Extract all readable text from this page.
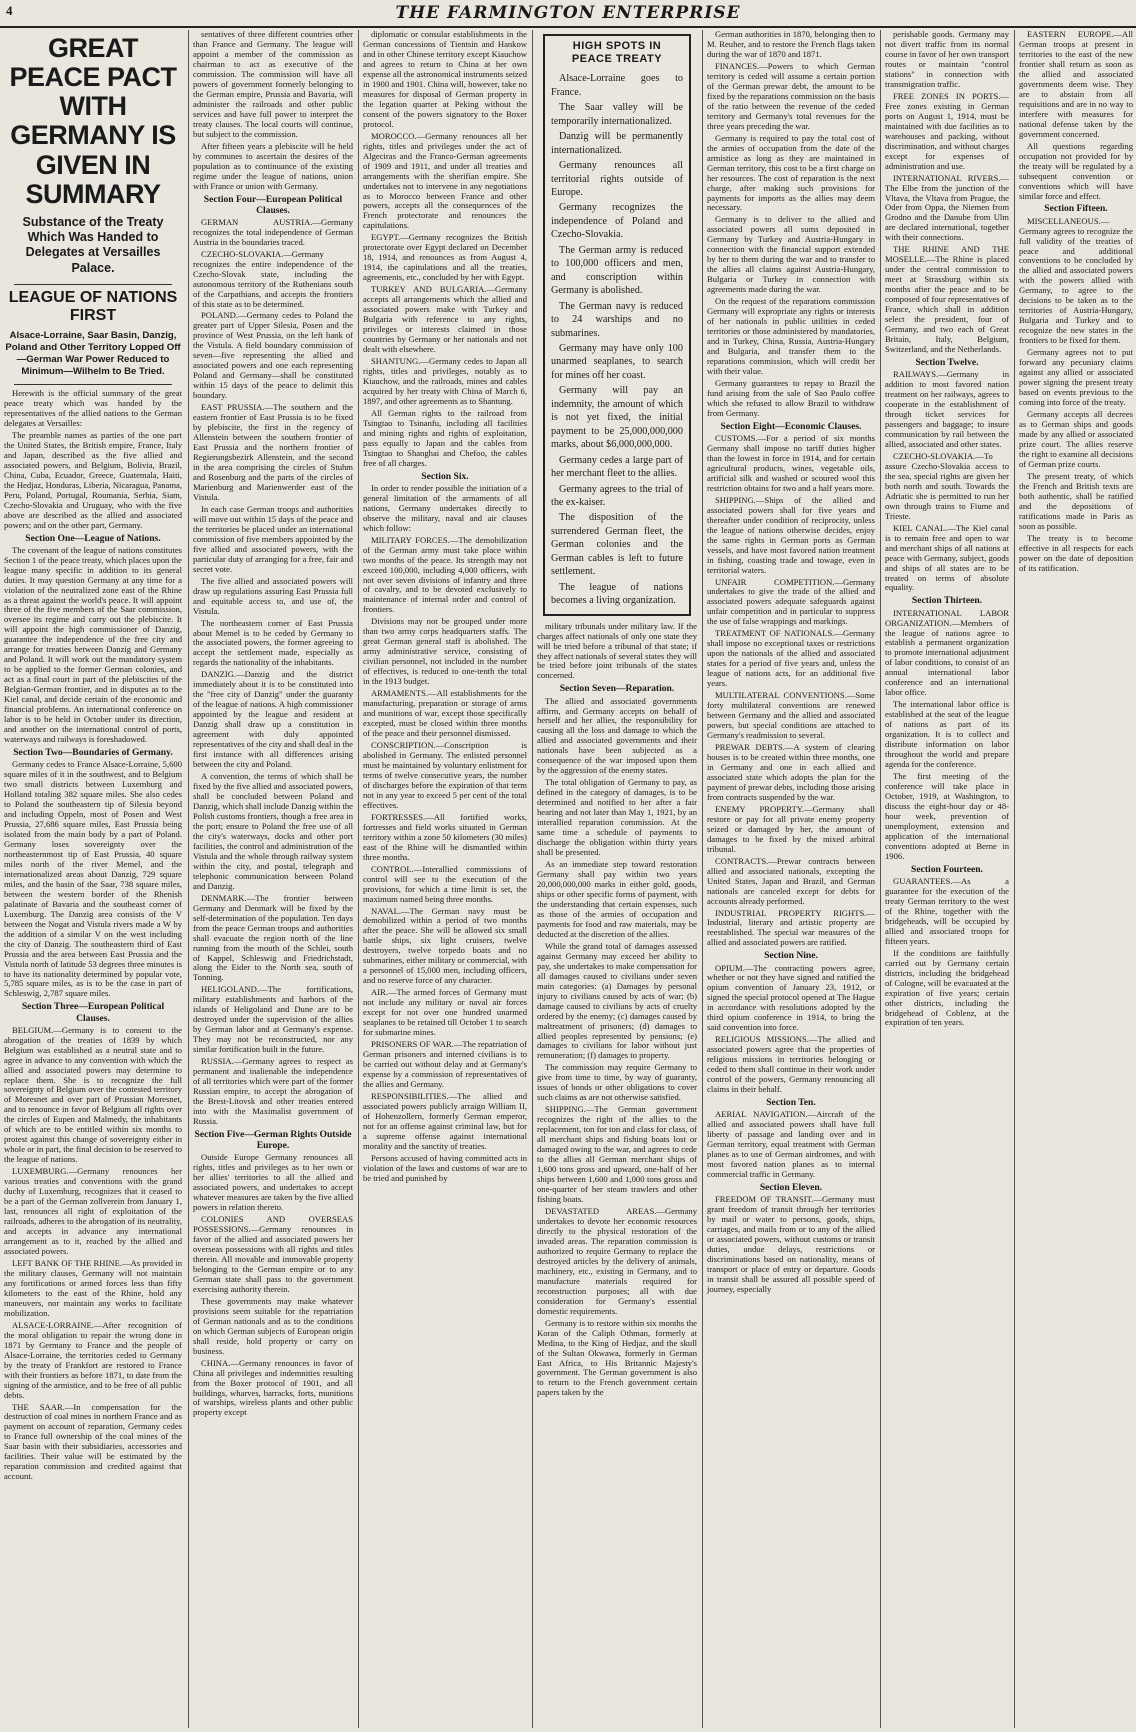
4	THE FARMINGTON ENTERPRISE
GREAT PEACE PACT WITH GERMANY IS GIVEN IN SUMMARY
Substance of the Treaty Which Was Handed to Delegates at Versailles Palace.
LEAGUE OF NATIONS FIRST
Alsace-Lorraine, Saar Basin, Danzig, Poland and Other Territory Lopped Off—German War Power Reduced to Minimum—Wilhelm to Be Tried.

Herewith is the official summary of the great peace treaty which was handed by the representatives of the allied nations to the German delegates at Versailles:

The preamble names as parties of the one part the United States, the British empire, France, Italy and Japan, described as the five allied and associated powers, and Belgium, Bolivia, Brazil, China, Cuba, Ecuador, Greece, Guatemala, Haiti, the Hedjaz, Honduras, Liberia, Nicaragua, Panama, Peru, Poland, Portugal, Roumania, Serbia, Siam, Czecho-Slovakia and Uruguay, who with the five above are described as the allied and associated powers; and on the other part, Germany.

Section One—League of Nations.

The covenant of the league of nations constitutes Section 1 of the peace treaty, which places upon the league many specific in addition to its general duties. It may question Germany at any time for a violation of the neutralized zone east of the Rhine as a threat against the world's peace. It will appoint three of the five members of the Saar commission, oversee its regime and carry out the plebiscite. It will appoint the high commissioner of Danzig, guarantee the independence of the free city and arrange for treaties between Danzig and Germany and Poland. It will work out the mandatory system to be applied to the former German colonies, and act as a final court in part of the plebiscites of the Belgian-German frontier, and in disputes as to the Kiel canal, and decide certain of the economic and financial problems. An international conference on labor is to be held in October under its direction, and another on the international control of ports, waterways and railways is foreshadowed.

Section Two—Boundaries of Germany.

Germany cedes to France Alsace-Lorraine, 5,600 square miles of it in the southwest, and to Belgium two small districts between Luxemburg and Holland totaling 382 square miles. She also cedes to Poland the southeastern tip of Silesia beyond and including Oppeln, most of Posen and West Prussia, 27,686 square miles, East Prussia being isolated from the main body by a part of Poland. Germany loses sovereignty over the northeasternmost tip of East Prussia, 40 square miles north of the river Memel, and the internationalized areas about Danzig, 729 square miles, and the basin of the Saar, 738 square miles, between the western border of the Rhenish palatinate of Bavaria and the southeast corner of Luxemburg. The Danzig area consists of the V between the Nogat and Vistula rivers made a W by the addition of a similar V on the west including the city of Danzig. The southeastern third of East Prussia and the area between East Prussia and the Vistula north of latitude 53 degrees three minutes is to have its nationality determined by popular vote, 5,785 square miles, as is to be the case in part of Schleswig, 2,787 square miles.

Section Three—European Political Clauses.

BELGIUM.—Germany is to consent to the abrogation of the treaties of 1839 by which Belgium was established as a neutral state and to agree in advance to any convention with which the allied and associated powers may determine to replace them. She is to recognize the full sovereignty of Belgium over the contested territory of Moresnet and over part of Prussian Moresnet, and to renounce in favor of Belgium all rights over the circles of Eupen and Malmedy, the inhabitants of which are to be entitled within six months to protest against this change of sovereignty either in whole or in part, the final decision to be reserved to the league of nations.

LUXEMBURG.—Germany renounces her various treaties and conventions with the grand duchy of Luxemburg, recognizes that it ceased to be a part of the German zollverein from January 1, last, renounces all right of exploitation of the railroads, adheres to the abrogation of its neutrality, and accepts in advance any international arrangement as to it, reached by the allied and associated powers.

LEFT BANK OF THE RHINE.—As provided in the military clauses, Germany will not maintain any fortifications or armed forces less than fifty kilometers to the east of the Rhine, hold any maneuvers, nor maintain any works to facilitate mobilization.

ALSACE-LORRAINE.—After recognition of the moral obligation to repair the wrong done in 1871 by Germany to France and the people of Alsace-Lorraine, the territories ceded to Germany by the treaty of Frankfort are restored to France with their frontiers as before 1871, to date from the signing of the armistice, and to be free of all public debts.

THE SAAR.—In compensation for the destruction of coal mines in northern France and as payment on account of reparation, Germany cedes to France full ownership of the coal mines of the Saar basin with their subsidiaries, accessories and facilities. Their value will be estimated by the reparation commission and credited against that account.

sentatives of three different countries other than France and Germany. The league will appoint a member of the commission as chairman to act as executive of the commission. The commission will have all powers of government formerly belonging to the German empire, Prussia and Bavaria, will administer the railroads and other public services and have full power to interpret the treaty clauses. The local courts will continue, but subject to the commission.

After fifteen years a plebiscite will be held by communes to ascertain the desires of the population as to continuance of the existing regime under the league of nations, union with France or union with Germany.

Section Four—European Political Clauses.

GERMAN AUSTRIA.—Germany recognizes the total independence of German Austria in the boundaries traced.

CZECHO-SLOVAKIA.—Germany recognizes the entire independence of the Czecho-Slovak state, including the autonomous territory of the Ruthenians south of the Carpathians, and accepts the frontiers of this state as to be determined.

POLAND.—Germany cedes to Poland the greater part of Upper Silesia, Posen and the province of West Prussia, on the left bank of the Vistula. A field boundary commission of seven—five representing the allied and associated powers and one each representing Poland and Germany—shall be constituted within 15 days of the peace to delimit this boundary.

EAST PRUSSIA.—The southern and the eastern frontier of East Prussia is to be fixed by plebiscite, the first in the regency of Allenstein between the southern frontier of East Prussia and the northern frontier of Regierungsbezirk Allenstein, and the second in the area comprising the circles of Stuhm and Rosenburg and the parts of the circles of Marienburg and Marienwerder east of the Vistula.

In each case German troops and authorities will move out within 15 days of the peace and the territories be placed under an international commission of five members appointed by the five allied and associated powers, with the particular duty of arranging for a free, fair and secret vote.

The five allied and associated powers will draw up regulations assuring East Prussia full and equitable access to, and use of, the Vistula.

The northeastern corner of East Prussia about Memel is to be ceded by Germany to the associated powers, the former agreeing to accept the settlement made, especially as regards the nationality of the inhabitants.

DANZIG.—Danzig and the district immediately about it is to be constituted into the "free city of Danzig" under the guaranty of the league of nations. A high commissioner appointed by the league and resident at Danzig shall draw up a constitution in agreement with duly appointed representatives of the city and shall deal in the first instance with all differences arising between the city and Poland.

A convention, the terms of which shall be fixed by the five allied and associated powers, shall be concluded between Poland and Danzig, which shall include Danzig within the Polish customs frontiers, though a free area in the port; ensure to Poland the free use of all the city's waterways, docks and other port facilities, the control and administration of the Vistula and the whole through railway system within the city, and postal, telegraph and telephonic communication between Poland and Danzig.

DENMARK.—The frontier between Germany and Denmark will be fixed by the self-determination of the population. Ten days from the peace German troops and authorities shall evacuate the region north of the line running from the mouth of the Schlei, south of Kappel, Schleswig and Friedrichstadt, along the Eider to the North sea, south of Tonning.

HELIGOLAND.—The fortifications, military establishments and harbors of the islands of Heligoland and Dune are to be destroyed under the supervision of the allies by German labor and at Germany's expense. They may not be reconstructed, nor any similar fortification built in the future.

RUSSIA.—Germany agrees to respect as permanent and inalienable the independence of all territories which were part of the former Russian empire, to accept the abrogation of the Brest-Litovsk and other treaties entered into with the Maximalist government of Russia.

Section Five—German Rights Outside Europe.

Outside Europe Germany renounces all rights, titles and privileges as to her own or her allies' territories to all the allied and associated powers, and undertakes to accept whatever measures are taken by the five allied powers in relation thereto.

COLONIES AND OVERSEAS POSSESSIONS.—Germany renounces in favor of the allied and associated powers her overseas possessions with all rights and titles therein. All movable and immovable property belonging to the German empire or to any German state shall pass to the government exercising authority therein.

These governments may make whatever provisions seem suitable for the repatriation of German nationals and as to the conditions on which German subjects of European origin shall reside, hold property or carry on business.

CHINA.—Germany renounces in favor of China all privileges and indemnities resulting from the Boxer protocol of 1901, and all buildings, wharves, barracks, forts, munitions of warships, wireless plants and other public property except

diplomatic or consular establishments in the German concessions of Tientsin and Hankow and in other Chinese territory except Kiauchow and agrees to return to China at her own expense all the astronomical instruments seized in 1900 and 1901. China will, however, take no measures for disposal of German property in the legation quarter at Peking without the consent of the powers signatory to the Boxer protocol.

MOROCCO.—Germany renounces all her rights, titles and privileges under the act of Algeciras and the Franco-German agreements of 1909 and 1911, and under all treaties and arrangements with the sherifian empire. She undertakes not to intervene in any negotiations as to Morocco between France and other powers, accepts all the consequences of the French protectorate and renounces the capitulations.

EGYPT.—Germany recognizes the British protectorate over Egypt declared on December 18, 1914, and renounces as from August 4, 1914, the capitulations and all the treaties, agreements, etc., concluded by her with Egypt.

TURKEY AND BULGARIA.—Germany accepts all arrangements which the allied and associated powers make with Turkey and Bulgaria with reference to any rights, privileges or interests claimed in those countries by Germany or her nationals and not dealt with elsewhere.

SHANTUNG.—Germany cedes to Japan all rights, titles and privileges, notably as to Kiauchow, and the railroads, mines and cables acquired by her treaty with China of March 6, 1897, and other agreements as to Shantung.

All German rights to the railroad from Tsingtao to Tsinanfu, including all facilities and mining rights and rights of exploitation, pass equally to Japan and the cables from Tsingtao to Shanghai and Chefoo, the cables free of all charges.

Section Six.

In order to render possible the initiation of a general limitation of the armaments of all nations, Germany undertakes directly to observe the military, naval and air clauses which follow:

MILITARY FORCES.—The demobilization of the German army must take place within two months of the peace. Its strength may not exceed 100,000, including 4,000 officers, with not over seven divisions of infantry and three of cavalry, and to be devoted exclusively to maintenance of internal order and control of frontiers.

Divisions may not be grouped under more than two army corps headquarters staffs. The great German general staff is abolished. The army administrative service, consisting of civilian personnel, not included in the number of effectives, is reduced to one-tenth the total in the 1913 budget.

ARMAMENTS.—All establishments for the manufacturing, preparation or storage of arms and munitions of war, except those specifically excepted, must be closed within three months of the peace and their personnel dismissed.

CONSCRIPTION.—Conscription is abolished in Germany. The enlisted personnel must be maintained by voluntary enlistment for terms of twelve consecutive years, the number of discharges before the expiration of that term not in any year to exceed 5 per cent of the total effectives.

FORTRESSES.—All fortified works, fortresses and field works situated in German territory within a zone 50 kilometers (30 miles) east of the Rhine will be dismantled within three months.

CONTROL.—Interallied commissions of control will see to the execution of the provisions, for which a time limit is set, the maximum named being three months.

NAVAL.—The German navy must be demobilized within a period of two months after the peace. She will be allowed six small battle ships, six light cruisers, twelve destroyers, twelve torpedo boats and no submarines, either military or commercial, with a personnel of 15,000 men, including officers, and no reserve force of any character.

AIR.—The armed forces of Germany must not include any military or naval air forces except for not over one hundred unarmed seaplanes to be retained till October 1 to search for submarine mines.

PRISONERS OF WAR.—The repatriation of German prisoners and interned civilians is to be carried out without delay and at Germany's expense by a commission of representatives of the allies and Germany.

RESPONSIBILITIES.—The allied and associated powers publicly arraign William II, of Hohenzollern, formerly German emperor, not for an offense against criminal law, but for a supreme offense against international morality and the sanctity of treaties.

Persons accused of having committed acts in violation of the laws and customs of war are to be tried and punished by

HIGH SPOTS IN PEACE TREATY

Alsace-Lorraine goes to France.

The Saar valley will be temporarily internationalized.

Danzig will be permanently internationalized.

Germany renounces all territorial rights outside of Europe.

Germany recognizes the independence of Poland and Czecho-Slovakia.

The German army is reduced to 100,000 officers and men, and conscription within Germany is abolished.

The German navy is reduced to 24 warships and no submarines.

Germany may have only 100 unarmed seaplanes, to search for mines off her coast.

Germany will pay an indemnity, the amount of which is not yet fixed, the initial payment to be 25,000,000,000 marks, about $6,000,000,000.

Germany cedes a large part of her merchant fleet to the allies.

Germany agrees to the trial of the ex-kaiser.

The disposition of the surrendered German fleet, the German colonies and the German cables is left to future settlement.

The league of nations becomes a living organization.

military tribunals under military law. If the charges affect nationals of only one state they will be tried before a tribunal of that state; if they affect nationals of several states they will be tried before joint tribunals of the states concerned.

Section Seven—Reparation.

The allied and associated governments affirm, and Germany accepts on behalf of herself and her allies, the responsibility for causing all the loss and damage to which the allied and associated governments and their nationals have been subjected as a consequence of the war imposed upon them by the aggression of the enemy states.

The total obligation of Germany to pay, as defined in the category of damages, is to be determined and notified to her after a fair hearing and not later than May 1, 1921, by an interallied reparation commission. At the same time a schedule of payments to discharge the obligation within thirty years shall be presented.

As an immediate step toward restoration Germany shall pay within two years 20,000,000,000 marks in either gold, goods, ships or other specific forms of payment, with the understanding that certain expenses, such as those of the armies of occupation and payments for food and raw materials, may be deducted at the discretion of the allies.

While the grand total of damages assessed against Germany may exceed her ability to pay, she undertakes to make compensation for all damages caused to civilians under seven main categories: (a) Damages by personal injury to civilians caused by acts of war; (b) damage caused to civilians by acts of cruelty ordered by the enemy; (c) damages caused by maltreatment of prisoners; (d) damages to allied peoples represented by pensions; (e) damages to civilians for labor without just remuneration; (f) damages to property.

The commission may require Germany to give from time to time, by way of guaranty, issues of bonds or other obligations to cover such claims as are not otherwise satisfied.

SHIPPING.—The German government recognizes the right of the allies to the replacement, ton for ton and class for class, of all merchant ships and fishing boats lost or damaged owing to the war, and agrees to cede to the allies all German merchant ships of 1,600 tons gross and upward, one-half of her ships between 1,600 and 1,000 tons gross and one-quarter of her steam trawlers and other fishing boats.

DEVASTATED AREAS.—Germany undertakes to devote her economic resources directly to the physical restoration of the invaded areas. The reparation commission is authorized to require Germany to replace the destroyed articles by the delivery of animals, machinery, etc., existing in Germany, and to manufacture materials required for reconstruction purposes; all with due consideration for Germany's essential domestic requirements.

Germany is to restore within six months the Koran of the Caliph Othman, formerly at Medina, to the King of Hedjaz, and the skull of the Sultan Okwawa, formerly in German East Africa, to His Britannic Majesty's government. The German government is also to return to the French government certain papers taken by the

German authorities in 1870, belonging then to M. Reuher, and to restore the French flags taken during the war of 1870 and 1871.

FINANCES.—Powers to which German territory is ceded will assume a certain portion of the German prewar debt, the amount to be fixed by the reparations commission on the basis of the ratio between the revenue of the ceded territory and Germany's total revenues for the three years preceding the war.

Germany is required to pay the total cost of the armies of occupation from the date of the armistice as long as they are maintained in German territory, this cost to be a first charge on her resources. The cost of reparation is the next charge, after making such provisions for payments for imports as the allies may deem necessary.

Germany is to deliver to the allied and associated powers all sums deposited in Germany by Turkey and Austria-Hungary in connection with the financial support extended by her to them during the war and to transfer to the allies all claims against Austria-Hungary, Bulgaria or Turkey in connection with agreements made during the war.

On the request of the reparations commission Germany will expropriate any rights or interests of her nationals in public utilities in ceded territories or those administered by mandatories, and in Turkey, China, Russia, Austria-Hungary and Bulgaria, and transfer them to the reparations commission, which will credit her with their value.

Germany guarantees to repay to Brazil the fund arising from the sale of Sao Paulo coffee which she refused to allow Brazil to withdraw from Germany.

Section Eight—Economic Clauses.

CUSTOMS.—For a period of six months Germany shall impose no tariff duties higher than the lowest in force in 1914, and for certain agricultural products, wines, vegetable oils, artificial silk and washed or scoured wool this restriction obtains for two and a half years more.

SHIPPING.—Ships of the allied and associated powers shall for five years and thereafter under condition of reciprocity, unless the league of nations otherwise decides, enjoy the same rights in German ports as German vessels, and have most favored nation treatment in fishing, coasting trade and towage, even in territorial waters.

UNFAIR COMPETITION.—Germany undertakes to give the trade of the allied and associated powers adequate safeguards against unfair competition and in particular to suppress the use of false wrappings and markings.

TREATMENT OF NATIONALS.—Germany shall impose no exceptional taxes or restrictions upon the nationals of the allied and associated states for a period of five years and, unless the league of nations acts, for an additional five years.

MULTILATERAL CONVENTIONS.—Some forty multilateral conventions are renewed between Germany and the allied and associated powers, but special conditions are attached to Germany's readmission to several.

PREWAR DEBTS.—A system of clearing houses is to be created within three months, one in Germany and one in each allied and associated state which adopts the plan for the payment of prewar debts, including those arising from contracts suspended by the war.

ENEMY PROPERTY.—Germany shall restore or pay for all private enemy property seized or damaged by her, the amount of damages to be fixed by the mixed arbitral tribunal.

CONTRACTS.—Prewar contracts between allied and associated nationals, excepting the United States, Japan and Brazil, and German nationals are canceled except for debts for accounts already performed.

INDUSTRIAL PROPERTY RIGHTS.—Industrial, literary and artistic property are reestablished. The special war measures of the allied and associated powers are ratified.

Section Nine.

OPIUM.—The contracting powers agree, whether or not they have signed and ratified the opium convention of January 23, 1912, or signed the special protocol opened at The Hague in accordance with resolutions adopted by the third opium conference in 1914, to bring the said convention into force.

RELIGIOUS MISSIONS.—The allied and associated powers agree that the properties of religious missions in territories belonging or ceded to them shall continue in their work under control of the powers, Germany renouncing all claims in their behalf.

Section Ten.

AERIAL NAVIGATION.—Aircraft of the allied and associated powers shall have full liberty of passage and landing over and in German territory, equal treatment with German planes as to use of German airdromes, and with most favored nation planes as to internal commercial traffic in Germany.

Section Eleven.

FREEDOM OF TRANSIT.—Germany must grant freedom of transit through her territories by mail or water to persons, goods, ships, carriages, and mails from or to any of the allied or associated powers, without customs or transit duties, undue delays, restrictions or discriminations based on nationality, means of transport or place of entry or departure. Goods in transit shall be assured all possible speed of journey, especially

perishable goods. Germany may not divert traffic from its normal course in favor of her own transport routes or maintain "control stations" in connection with transmigration traffic.

FREE ZONES IN PORTS.—Free zones existing in German ports on August 1, 1914, must be maintained with due facilities as to warehouses and packing, without discrimination, and without charges except for expenses of administration and use.

INTERNATIONAL RIVERS.—The Elbe from the junction of the Vltava, the Vltava from Prague, the Oder from Oppa, the Niemen from Grodno and the Danube from Ulm are declared international, together with their connections.

THE RHINE AND THE MOSELLE.—The Rhine is placed under the central commission to meet at Strassburg within six months after the peace and to be composed of four representatives of France, which shall in addition select the president, four of Germany, and two each of Great Britain, Italy, Belgium, Switzerland, and the Netherlands.

Section Twelve.

RAILWAYS.—Germany in addition to most favored nation treatment on her railways, agrees to cooperate in the establishment of through ticket services for passengers and baggage; to insure communication by rail between the allied, associated and other states.

CZECHO-SLOVAKIA.—To assure Czecho-Slovakia access to the sea, special rights are given her both north and south. Towards the Adriatic she is permitted to run her own through trains to Fiume and Trieste.

KIEL CANAL.—The Kiel canal is to remain free and open to war and merchant ships of all nations at peace with Germany, subject, goods and ships of all states are to be treated on terms of absolute equality.

Section Thirteen.

INTERNATIONAL LABOR ORGANIZATION.—Members of the league of nations agree to establish a permanent organization to promote international adjustment of labor conditions, to consist of an annual international labor conference and an international labor office.

The international labor office is established at the seat of the league of nations as part of its organization. It is to collect and distribute information on labor throughout the world and prepare agenda for the conference.

The first meeting of the conference will take place in October, 1919, at Washington, to discuss the eight-hour day or 48-hour week, prevention of unemployment, extension and application of the international conventions adopted at Berne in 1906.

Section Fourteen.

GUARANTEES.—As a guarantee for the execution of the treaty German territory to the west of the Rhine, together with the bridgeheads, will be occupied by allied and associated troops for fifteen years.

If the conditions are faithfully carried out by Germany certain districts, including the bridgehead of Cologne, will be evacuated at the expiration of five years; certain other districts, including the bridgehead of Coblenz, at the expiration of ten years.

EASTERN EUROPE.—All German troops at present in territories to the east of the new frontier shall return as soon as the allied and associated governments deem wise. They are to abstain from all requisitions and are in no way to interfere with measures for national defense taken by the government concerned.

All questions regarding occupation not provided for by the treaty will be regulated by a subsequent convention or conventions which will have similar force and effect.

Section Fifteen.

MISCELLANEOUS.—Germany agrees to recognize the full validity of the treaties of peace and additional conventions to be concluded by the allied and associated powers with the powers allied with Germany, to agree to the decisions to be taken as to the territories of Austria-Hungary, Bulgaria and Turkey and to recognize the new states in the frontiers to be fixed for them.

Germany agrees not to put forward any pecuniary claims against any allied or associated power signing the present treaty based on events previous to the coming into force of the treaty.

Germany accepts all decrees as to German ships and goods made by any allied or associated prize court. The allies reserve the right to examine all decisions of German prize courts.

The present treaty, of which the French and British texts are both authentic, shall be ratified and the depositions of ratifications made in Paris as soon as possible.

The treaty is to become effective in all respects for each power on the date of deposition of its ratification.
